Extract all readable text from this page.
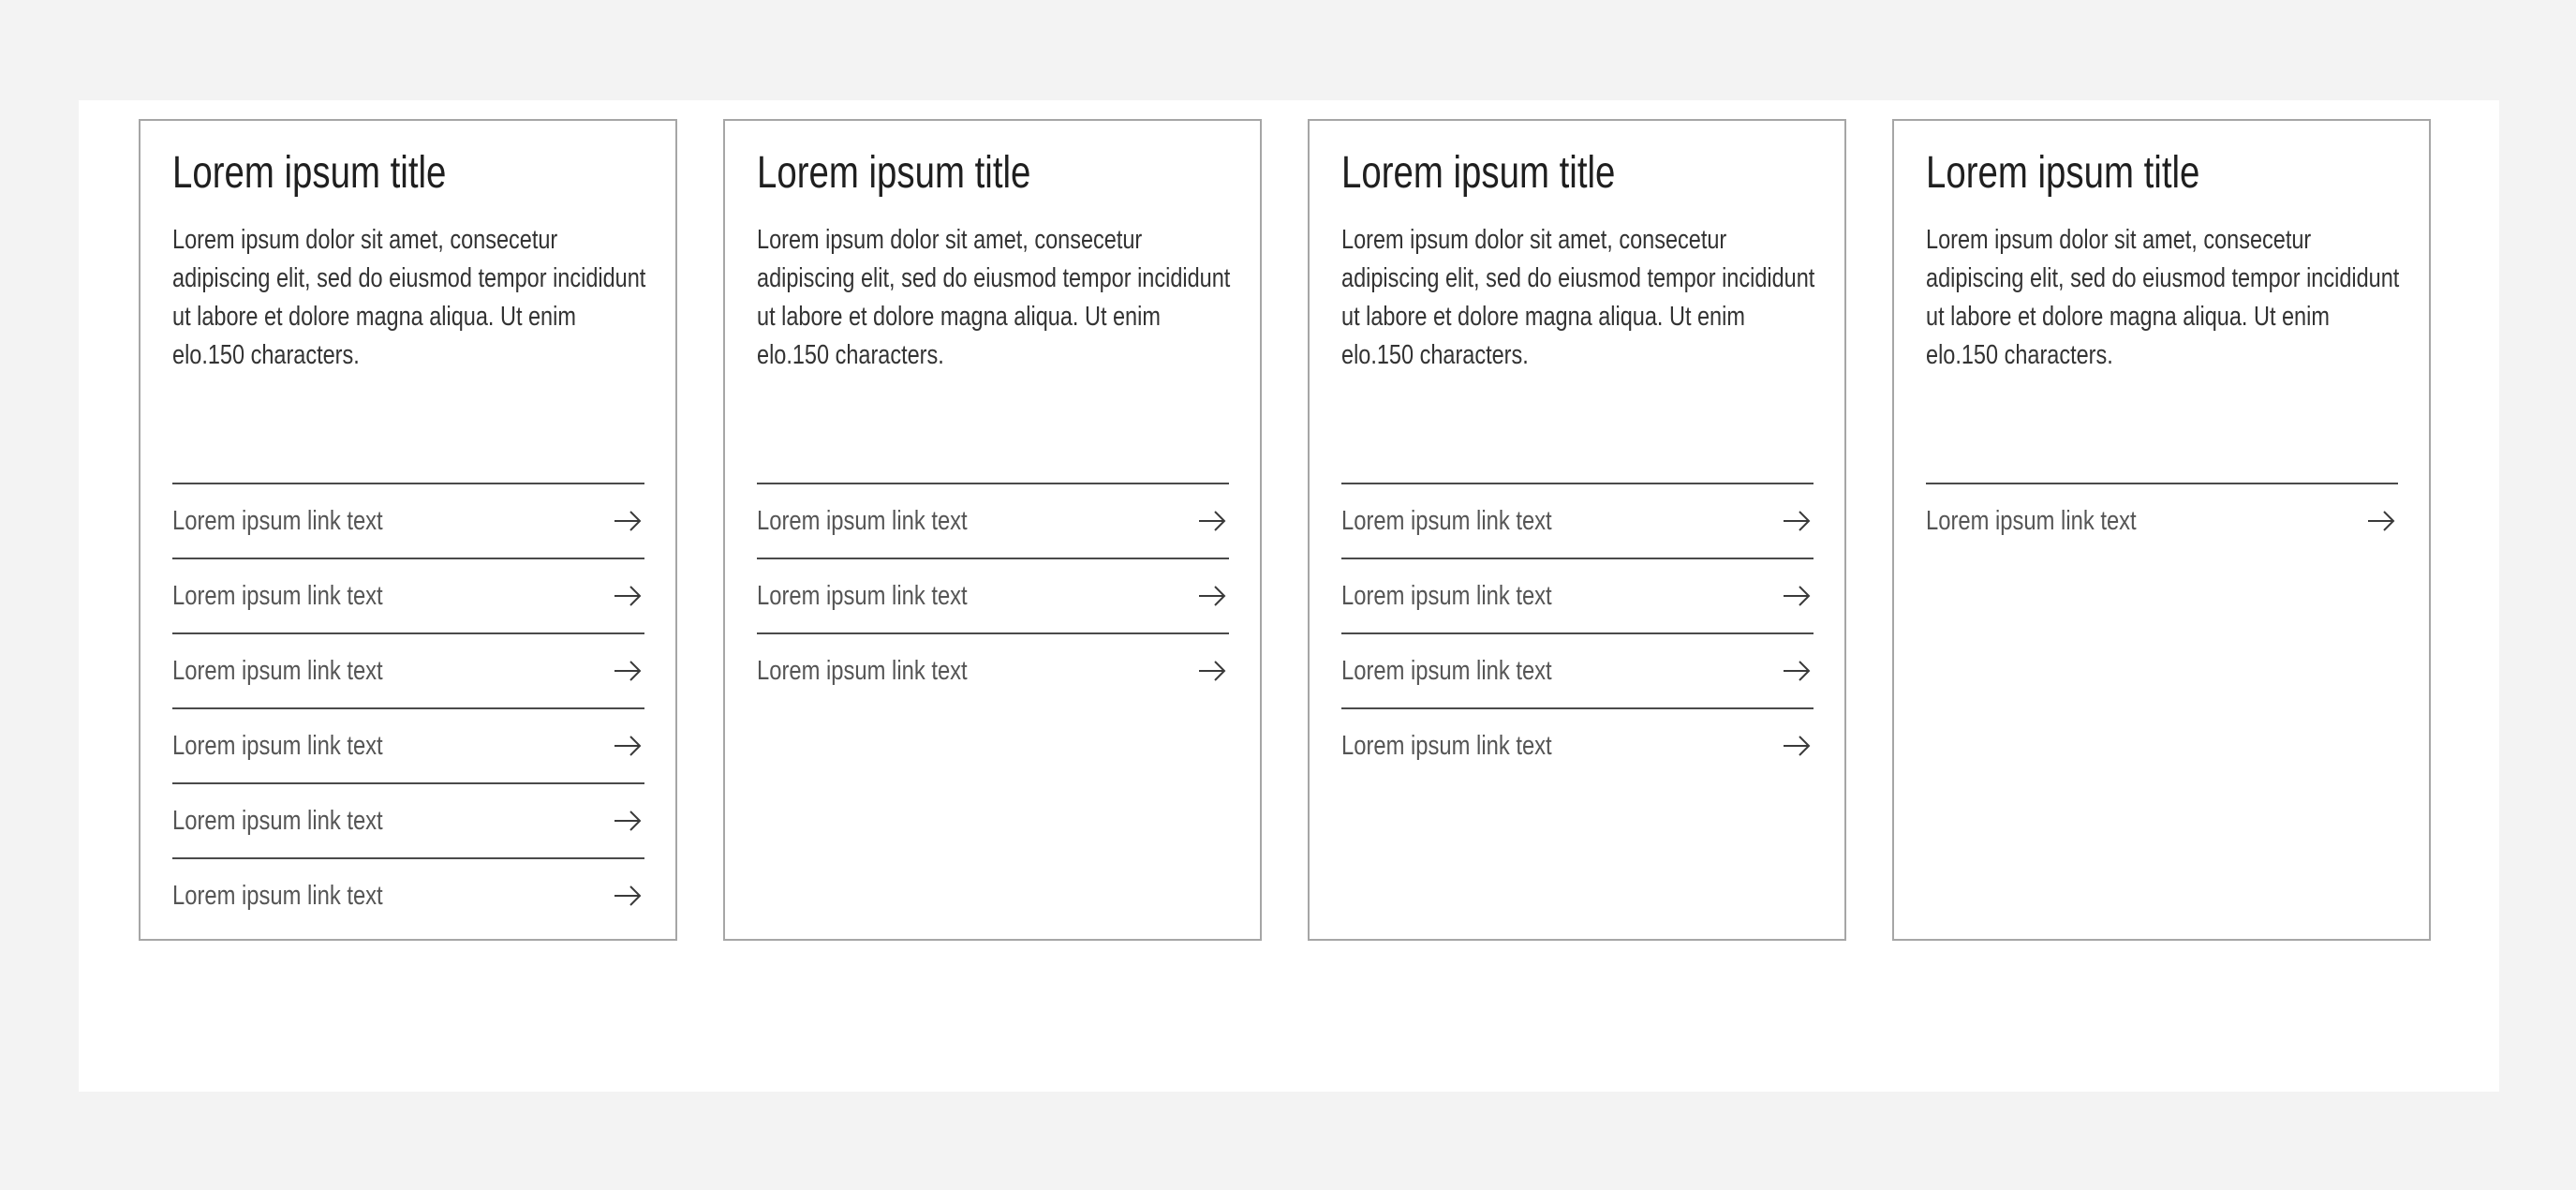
Lorem ipsum title

Lorem ipsum dolor sit amet, consecetur adipiscing elit, sed do eiusmod tempor incididunt ut labore et dolore magna aliqua. Ut enim elo.150 characters.

Lorem ipsum link text
Lorem ipsum link text
Lorem ipsum link text
Lorem ipsum link text
Lorem ipsum link text
Lorem ipsum link text
Lorem ipsum title

Lorem ipsum dolor sit amet, consecetur adipiscing elit, sed do eiusmod tempor incididunt ut labore et dolore magna aliqua. Ut enim elo.150 characters.

Lorem ipsum link text
Lorem ipsum link text
Lorem ipsum link text
Lorem ipsum title

Lorem ipsum dolor sit amet, consecetur adipiscing elit, sed do eiusmod tempor incididunt ut labore et dolore magna aliqua. Ut enim elo.150 characters.

Lorem ipsum link text
Lorem ipsum link text
Lorem ipsum link text
Lorem ipsum link text
Lorem ipsum title

Lorem ipsum dolor sit amet, consecetur adipiscing elit, sed do eiusmod tempor incididunt ut labore et dolore magna aliqua. Ut enim elo.150 characters.

Lorem ipsum link text
